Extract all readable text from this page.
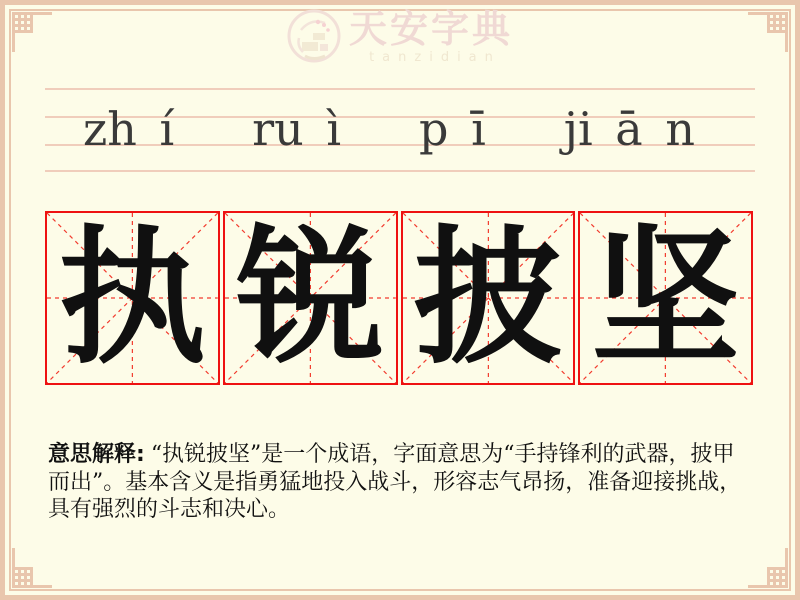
天安字典
tanzidian
zh í ru ì p ī ji ā n
执 锐 披 坚
意思解释: “执锐披坚”是一个成语，字面意思为“手持锋利的武器，披甲而出”。基本含义是指勇猛地投入战斗，形容志气昂扬，准备迎接挑战，具有强烈的斗志和决心。
